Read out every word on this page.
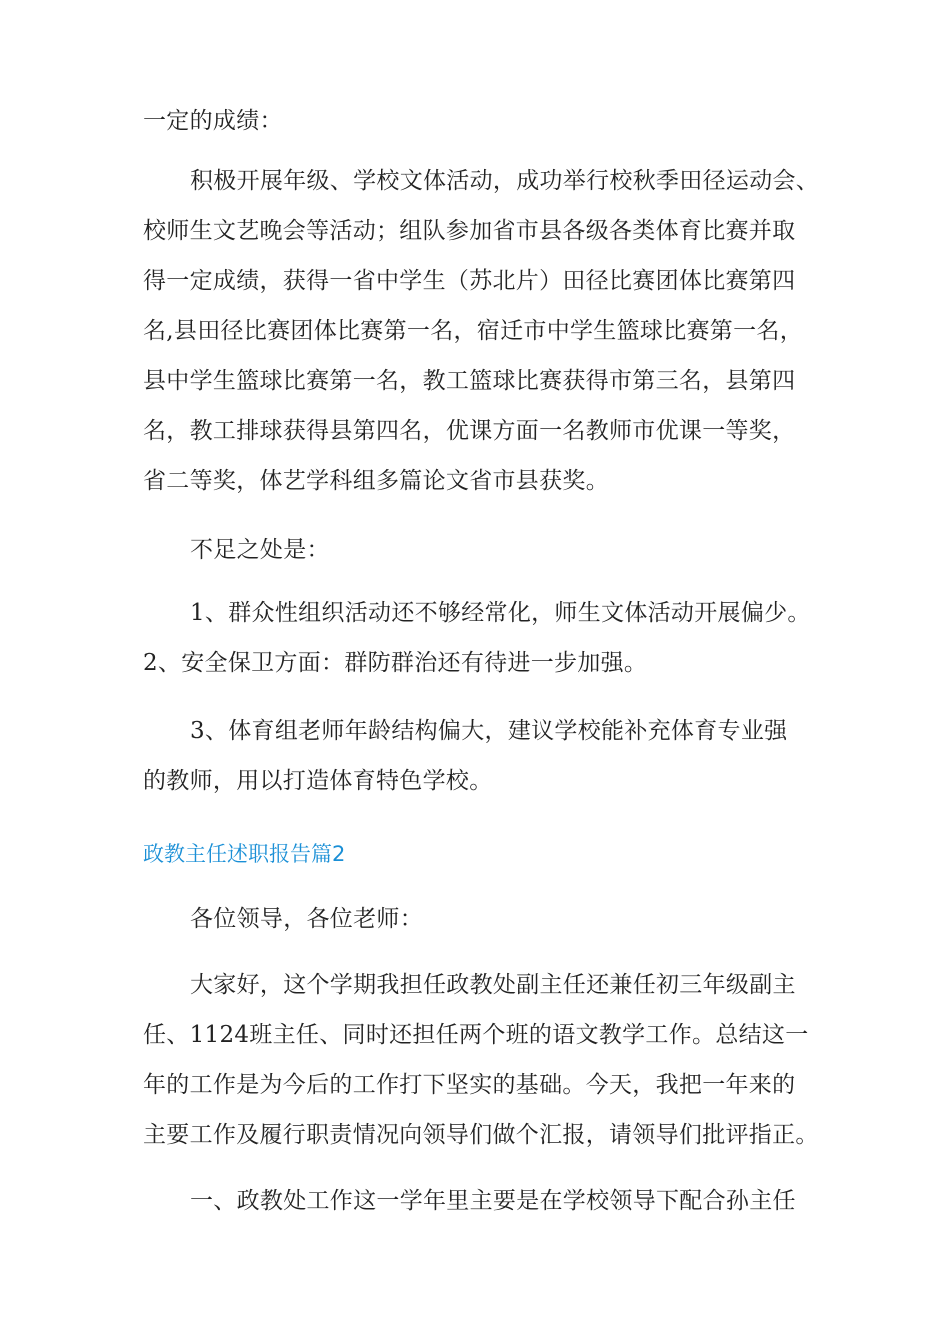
一定的成绩：
积极开展年级、学校文体活动，成功举行校秋季田径运动会、
校师生文艺晚会等活动；组队参加省市县各级各类体育比赛并取
得一定成绩，获得一省中学生（苏北片）田径比赛团体比赛第四
名,县田径比赛团体比赛第一名，宿迁市中学生篮球比赛第一名，
县中学生篮球比赛第一名，教工篮球比赛获得市第三名，县第四
名，教工排球获得县第四名，优课方面一名教师市优课一等奖，
省二等奖，体艺学科组多篇论文省市县获奖。
不足之处是：
1、群众性组织活动还不够经常化，师生文体活动开展偏少。
2、安全保卫方面：群防群治还有待进一步加强。
3、体育组老师年龄结构偏大，建议学校能补充体育专业强
的教师，用以打造体育特色学校。
政教主任述职报告篇2
各位领导，各位老师：
大家好，这个学期我担任政教处副主任还兼任初三年级副主
任、1124班主任、同时还担任两个班的语文教学工作。总结这一
年的工作是为今后的工作打下坚实的基础。今天，我把一年来的
主要工作及履行职责情况向领导们做个汇报，请领导们批评指正。
一、政教处工作这一学年里主要是在学校领导下配合孙主任
